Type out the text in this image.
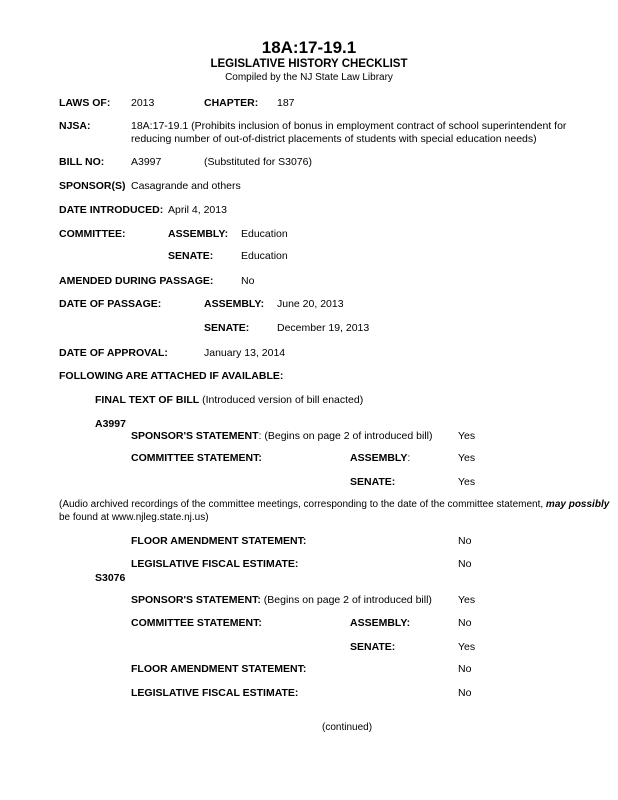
18A:17-19.1
LEGISLATIVE HISTORY CHECKLIST
Compiled by the NJ State Law Library
LAWS OF: 2013	CHAPTER: 187
NJSA:	18A:17-19.1 (Prohibits inclusion of bonus in employment contract of school superintendent for reducing number of out-of-district placements of students with special education needs)
BILL NO:	A3997	(Substituted for S3076)
SPONSOR(S) Casagrande and others
DATE INTRODUCED: April 4, 2013
COMMITTEE:	ASSEMBLY: Education
SENATE:	Education
AMENDED DURING PASSAGE:	No
DATE OF PASSAGE:	ASSEMBLY: June 20, 2013
SENATE:	December 19, 2013
DATE OF APPROVAL:	January 13, 2014
FOLLOWING ARE ATTACHED IF AVAILABLE:
FINAL TEXT OF BILL (Introduced version of bill enacted)
A3997
SPONSOR'S STATEMENT: (Begins on page 2 of introduced bill) Yes
COMMITTEE STATEMENT:	ASSEMBLY:	Yes
SENATE:	Yes
(Audio archived recordings of the committee meetings, corresponding to the date of the committee statement, may possibly
be found at www.njleg.state.nj.us)
FLOOR AMENDMENT STATEMENT:	No
LEGISLATIVE FISCAL ESTIMATE:	No
S3076
SPONSOR'S STATEMENT: (Begins on page 2 of introduced bill) Yes
COMMITTEE STATEMENT:	ASSEMBLY:	No
SENATE:	Yes
FLOOR AMENDMENT STATEMENT:	No
LEGISLATIVE FISCAL ESTIMATE:	No
(continued)
